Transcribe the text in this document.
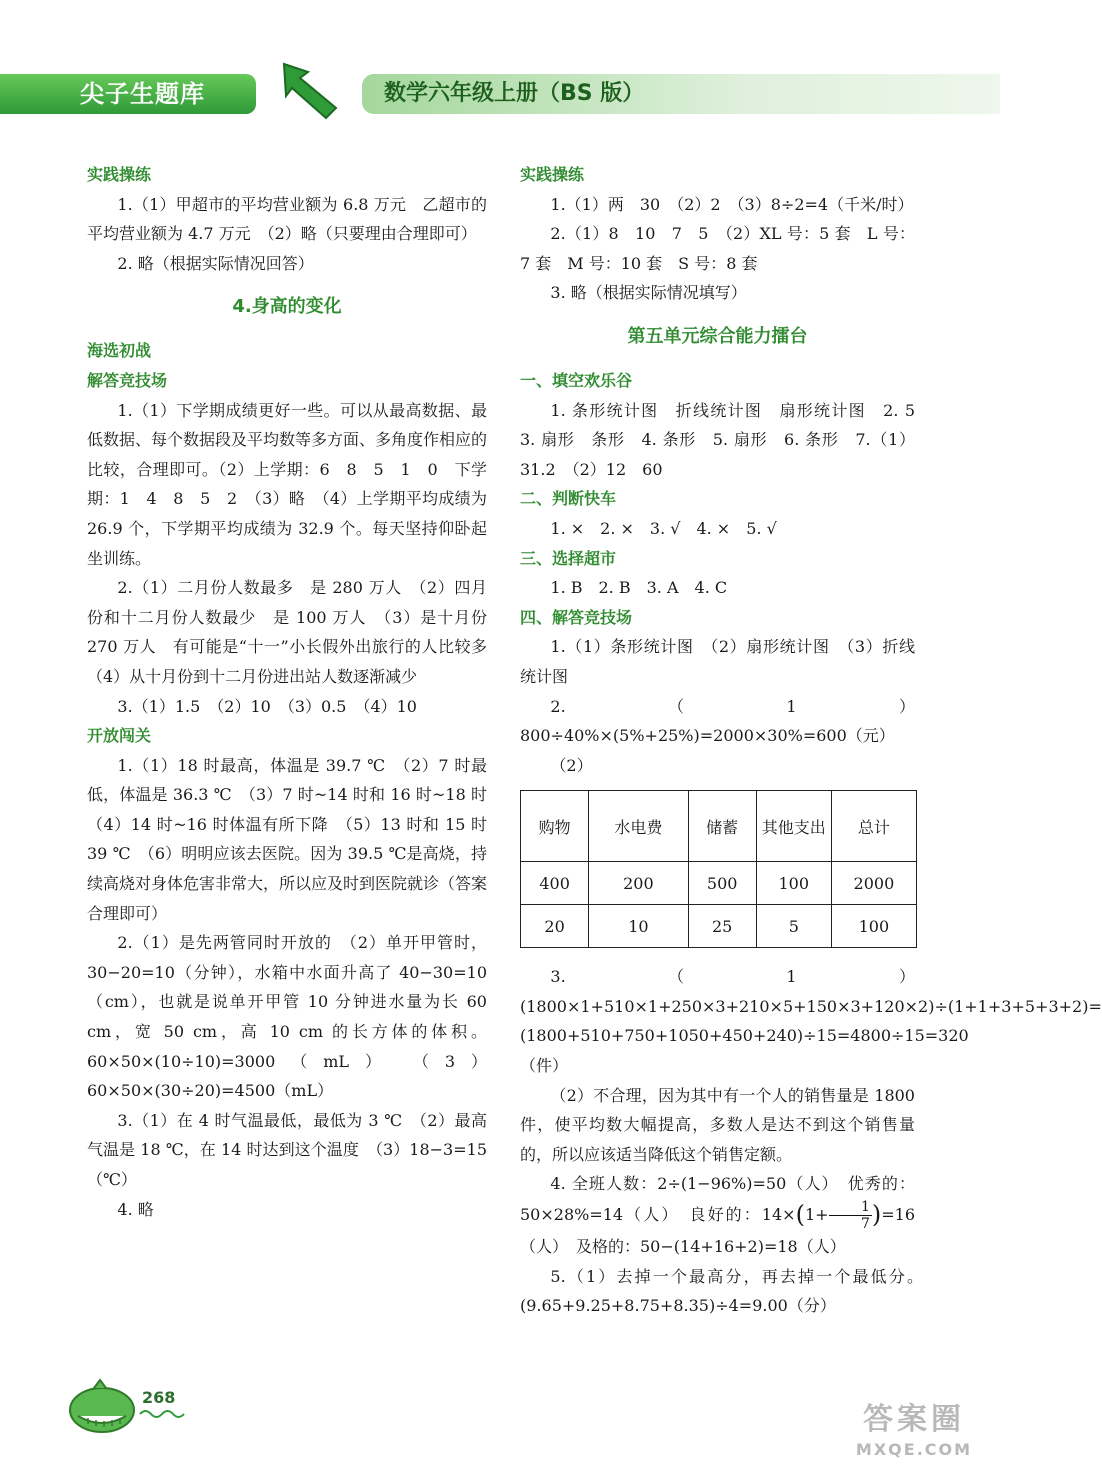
尖子生题库	数学六年级上册（BS 版）

实践操练

1.（1）甲超市的平均营业额为 6.8 万元　乙超市的平均营业额为 4.7 万元　（2）略（只要理由合理即可）

2. 略（根据实际情况回答）

4.身高的变化

海选初战

解答竞技场

1.（1）下学期成绩更好一些。可以从最高数据、最低数据、每个数据段及平均数等多方面、多角度作相应的比较，合理即可。（2）上学期：6　8　5　1　0　下学期：1　4　8　5　2　（3）略　（4）上学期平均成绩为 26.9 个，下学期平均成绩为 32.9 个。每天坚持仰卧起坐训练。

2.（1）二月份人数最多　是 280 万人　（2）四月份和十二月份人数最少　是 100 万人　（3）是十月份　270 万人　有可能是“十一”小长假外出旅行的人比较多　（4）从十月份到十二月份进出站人数逐渐减少

3.（1）1.5　（2）10　（3）0.5　（4）10

开放闯关

1.（1）18 时最高，体温是 39.7 ℃　（2）7 时最低，体温是 36.3 ℃　（3）7 时~14 时和 16 时~18 时　（4）14 时~16 时体温有所下降　（5）13 时和 15 时　39 ℃　（6）明明应该去医院。因为 39.5 ℃是高烧，持续高烧对身体危害非常大，所以应及时到医院就诊（答案合理即可）

2.（1）是先两管同时开放的　（2）单开甲管时，30−20=10（分钟），水箱中水面升高了 40−30=10（cm），也就是说单开甲管 10 分钟进水量为长 60 cm，宽 50 cm，高 10 cm 的长方体的体积。60×50×(10÷10)=3000（mL）　（3）60×50×(30÷20)=4500（mL）

3.（1）在 4 时气温最低，最低为 3 ℃　（2）最高气温是 18 ℃，在 14 时达到这个温度　（3）18−3=15（℃）

4. 略

实践操练

1.（1）两　30　（2）2　（3）8÷2=4（千米/时）

2.（1）8　10　7　5　（2）XL 号：5 套　L 号：7 套　M 号：10 套　S 号：8 套

3. 略（根据实际情况填写）

第五单元综合能力擂台

一、填空欢乐谷

1. 条形统计图　折线统计图　扇形统计图　2. 5　3. 扇形　条形　4. 条形　5. 扇形　6. 条形　7.（1）31.2　（2）12　60

二、判断快车

1. ×　2. ×　3. √　4. ×　5. √

三、选择超市

1. B　2. B　3. A　4. C

四、解答竞技场

1.（1）条形统计图　（2）扇形统计图　（3）折线统计图

2.（1）800÷40%×(5%+25%)=2000×30%=600（元）

（2）

购物	水电费	储蓄	其他支出	总计
400	200	500	100	2000
20	10	25	5	100

3.（1）(1800×1+510×1+250×3+210×5+150×3+120×2)÷(1+1+3+5+3+2)=(1800+510+750+1050+450+240)÷15=4800÷15=320（件）

（2）不合理，因为其中有一个人的销售量是 1800 件，使平均数大幅提高，多数人是达不到这个销售量的，所以应该适当降低这个销售定额。

4. 全班人数：2÷(1−96%)=50（人）　优秀的：50×28%=14（人）　良好的：$14\times(1+ \frac{1}{7} )=16$（人）　及格的：50−(14+16+2)=18（人）

5.（1）去掉一个最高分，再去掉一个最低分。　(9.65+9.25+8.75+8.35)÷4=9.00（分）

268
答案圈
MXQE.COM
